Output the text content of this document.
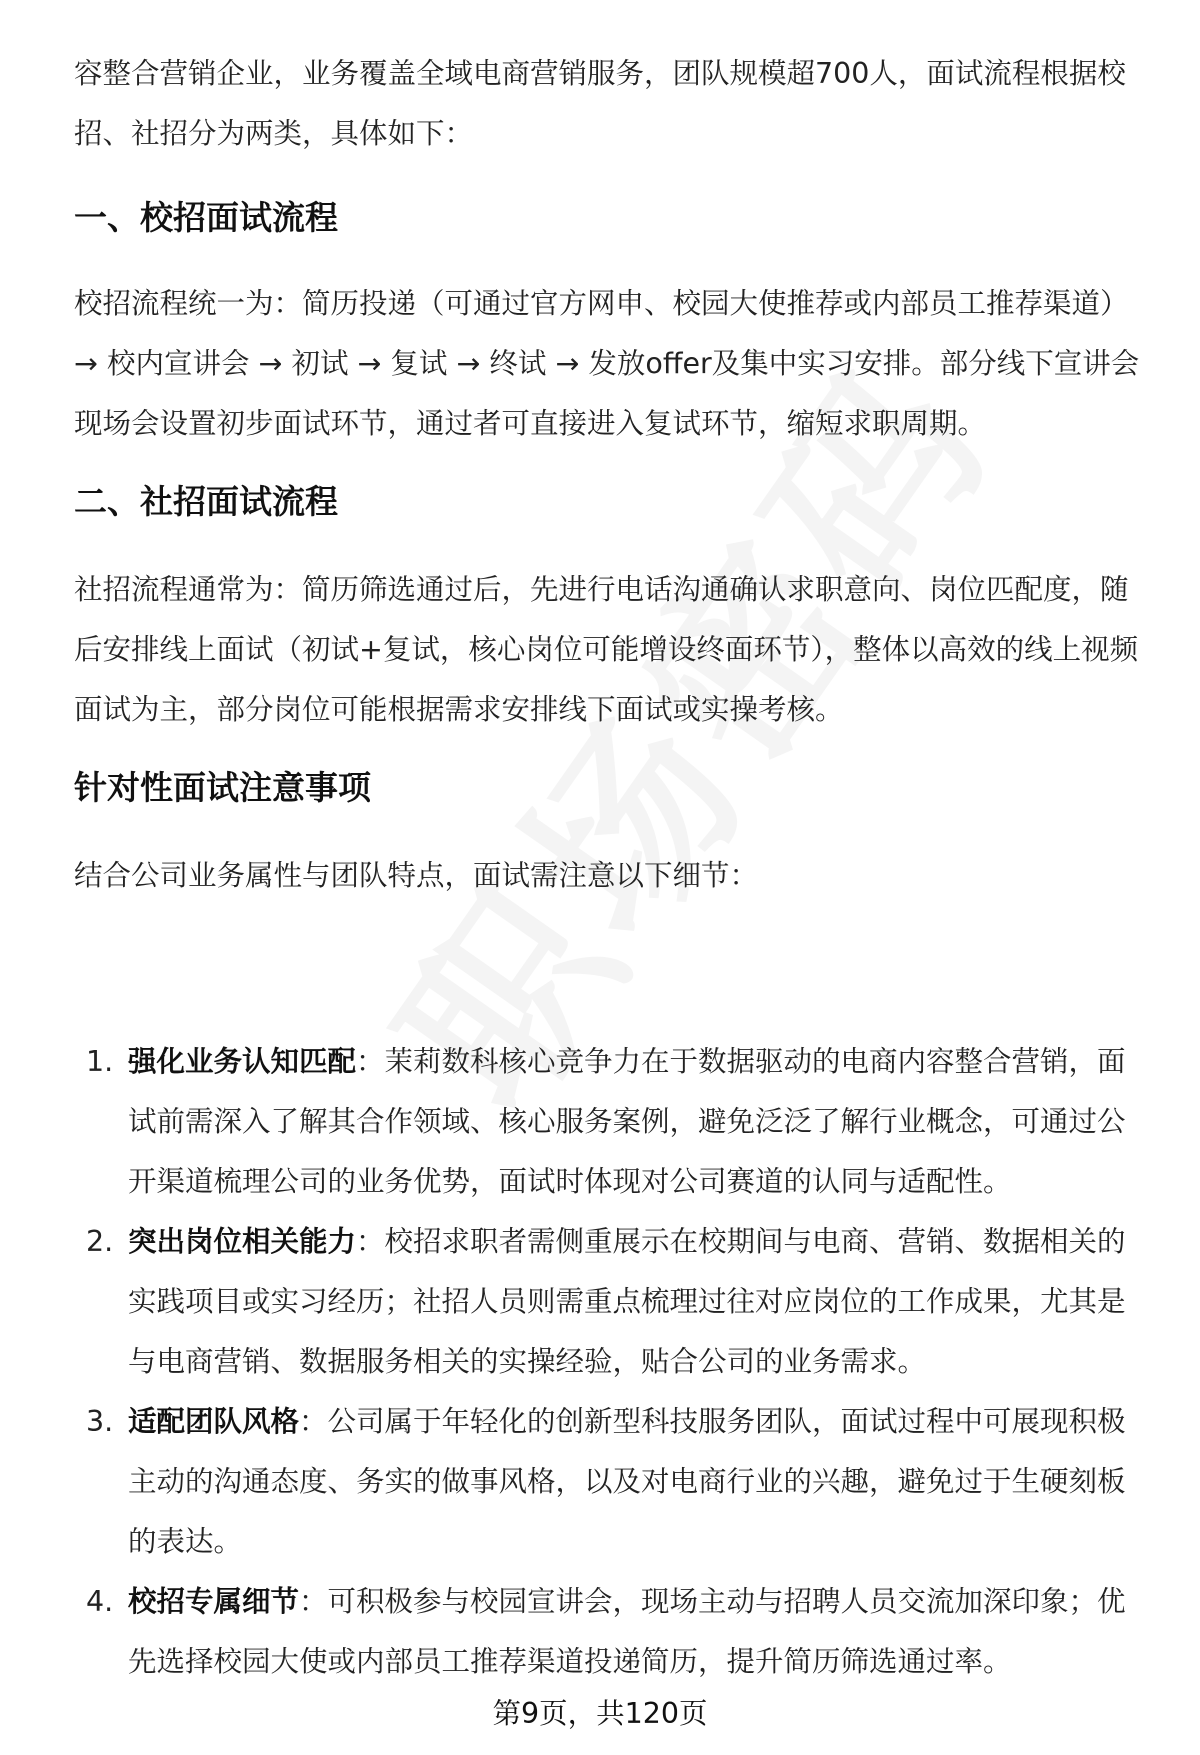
容整合营销企业，业务覆盖全域电商营销服务，团队规模超700人，面试流程根据校招、社招分为两类，具体如下：

一、校招面试流程

校招流程统一为：简历投递（可通过官方网申、校园大使推荐或内部员工推荐渠道）→ 校内宣讲会 → 初试 → 复试 → 终试 → 发放offer及集中实习安排。部分线下宣讲会现场会设置初步面试环节，通过者可直接进入复试环节，缩短求职周期。

二、社招面试流程

社招流程通常为：简历筛选通过后，先进行电话沟通确认求职意向、岗位匹配度，随后安排线上面试（初试+复试，核心岗位可能增设终面环节），整体以高效的线上视频面试为主，部分岗位可能根据需求安排线下面试或实操考核。

针对性面试注意事项

结合公司业务属性与团队特点，面试需注意以下细节：

1. 强化业务认知匹配：茉莉数科核心竞争力在于数据驱动的电商内容整合营销，面试前需深入了解其合作领域、核心服务案例，避免泛泛了解行业概念，可通过公开渠道梳理公司的业务优势，面试时体现对公司赛道的认同与适配性。
2. 突出岗位相关能力：校招求职者需侧重展示在校期间与电商、营销、数据相关的实践项目或实习经历；社招人员则需重点梳理过往对应岗位的工作成果，尤其是与电商营销、数据服务相关的实操经验，贴合公司的业务需求。
3. 适配团队风格：公司属于年轻化的创新型科技服务团队，面试过程中可展现积极主动的沟通态度、务实的做事风格，以及对电商行业的兴趣，避免过于生硬刻板的表达。
4. 校招专属细节：可积极参与校园宣讲会，现场主动与招聘人员交流加深印象；优先选择校园大使或内部员工推荐渠道投递简历，提升简历筛选通过率。
第9页，共120页
